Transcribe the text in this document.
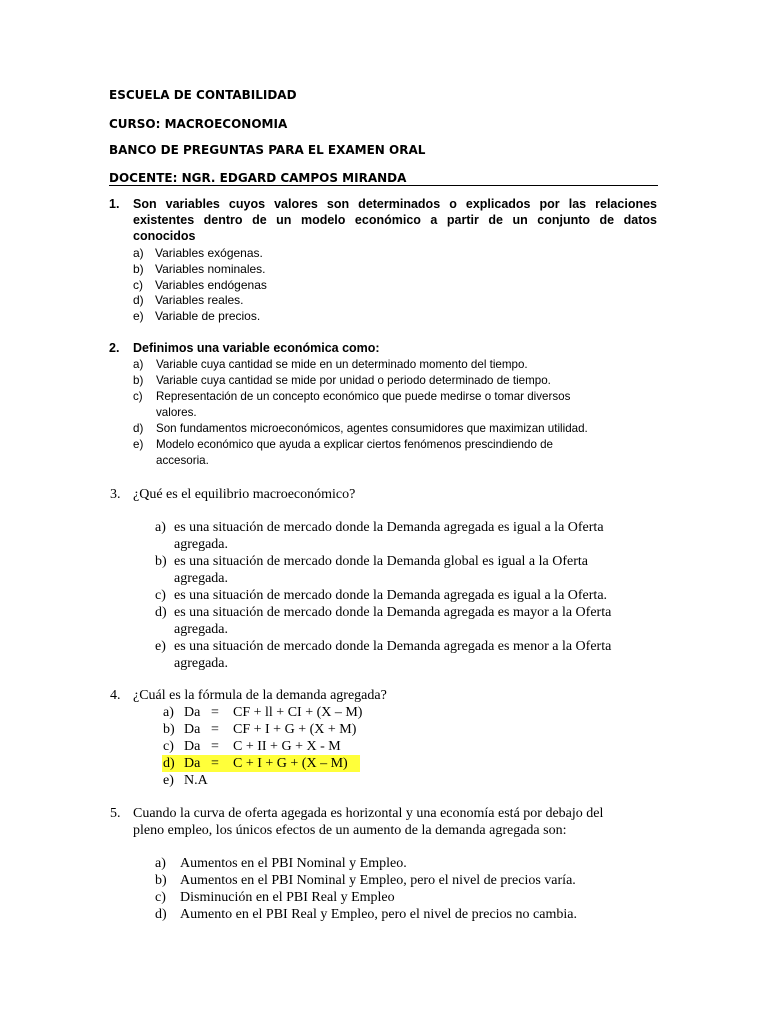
ESCUELA DE CONTABILIDAD
CURSO: MACROECONOMIA
BANCO DE PREGUNTAS PARA EL EXAMEN ORAL
DOCENTE: NGR. EDGARD CAMPOS MIRANDA
1. Son variables cuyos valores son determinados o explicados por las relaciones
existentes dentro de un modelo económico a partir de un conjunto de datos
conocidos
a) Variables exógenas.
b) Variables nominales.
c) Variables endógenas
d) Variables reales.
e) Variable de precios.
2. Definimos una variable económica como:
a) Variable cuya cantidad se mide en un determinado momento del tiempo.
b) Variable cuya cantidad se mide por unidad o periodo determinado de tiempo.
c) Representación de un concepto económico que puede medirse o tomar diversos
valores.
d) Son fundamentos microeconómicos, agentes consumidores que maximizan utilidad.
e) Modelo económico que ayuda a explicar ciertos fenómenos prescindiendo de
accesoria.
3. ¿Qué es el equilibrio macroeconómico?
a) es una situación de mercado donde la Demanda agregada es igual a la Oferta
agregada.
b) es una situación de mercado donde la Demanda global es igual a la Oferta
agregada.
c) es una situación de mercado donde la Demanda agregada es igual a la Oferta.
d) es una situación de mercado donde la Demanda agregada es mayor a la Oferta
agregada.
e) es una situación de mercado donde la Demanda agregada es menor a la Oferta
agregada.
4. ¿Cuál es la fórmula de la demanda agregada?
a) Da = CF + ll + CI + (X – M)
b) Da = CF + I + G + (X + M)
c) Da = C + II + G + X - M
d) Da = C + I + G + (X – M)
e) N.A
5. Cuando la curva de oferta agegada es horizontal y una economía está por debajo del
pleno empleo, los únicos efectos de un aumento de la demanda agregada son:
a) Aumentos en el PBI Nominal y Empleo.
b) Aumentos en el PBI Nominal y Empleo, pero el nivel de precios varía.
c) Disminución en el PBI Real y Empleo
d) Aumento en el PBI Real y Empleo, pero el nivel de precios no cambia.
